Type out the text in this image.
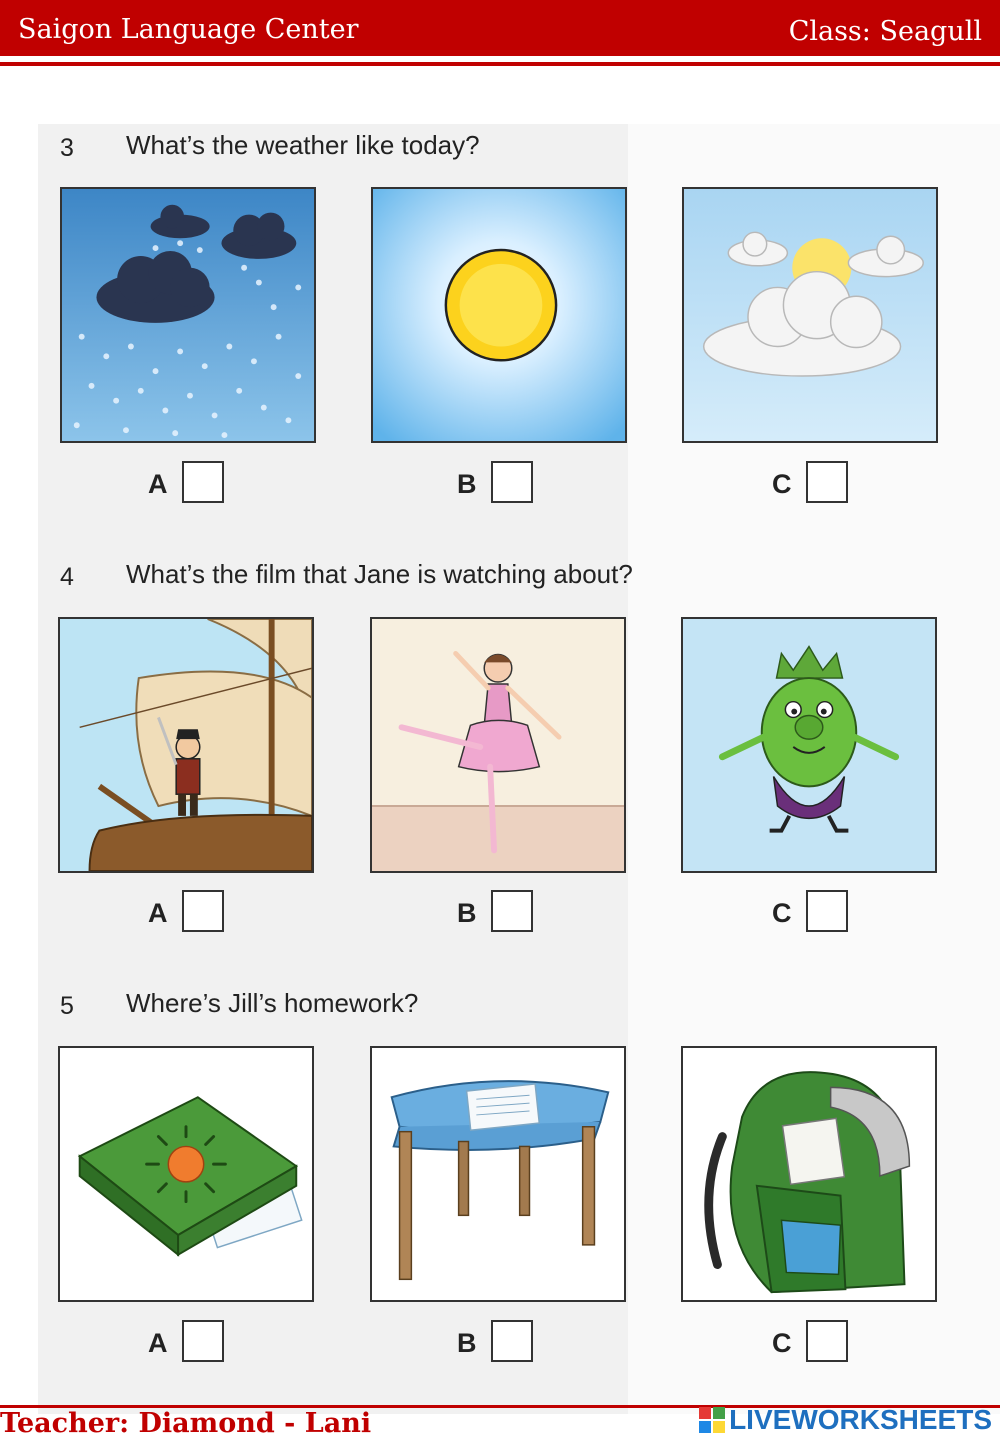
Saigon Language Center	Class: Seagull
3 What’s the weather like today?
A	B	C
4 What’s the film that Jane is watching about?
A	B	C
5 Where’s Jill’s homework?
A	B	C
Teacher: Diamond - Lani	LIVEWORKSHEETS
